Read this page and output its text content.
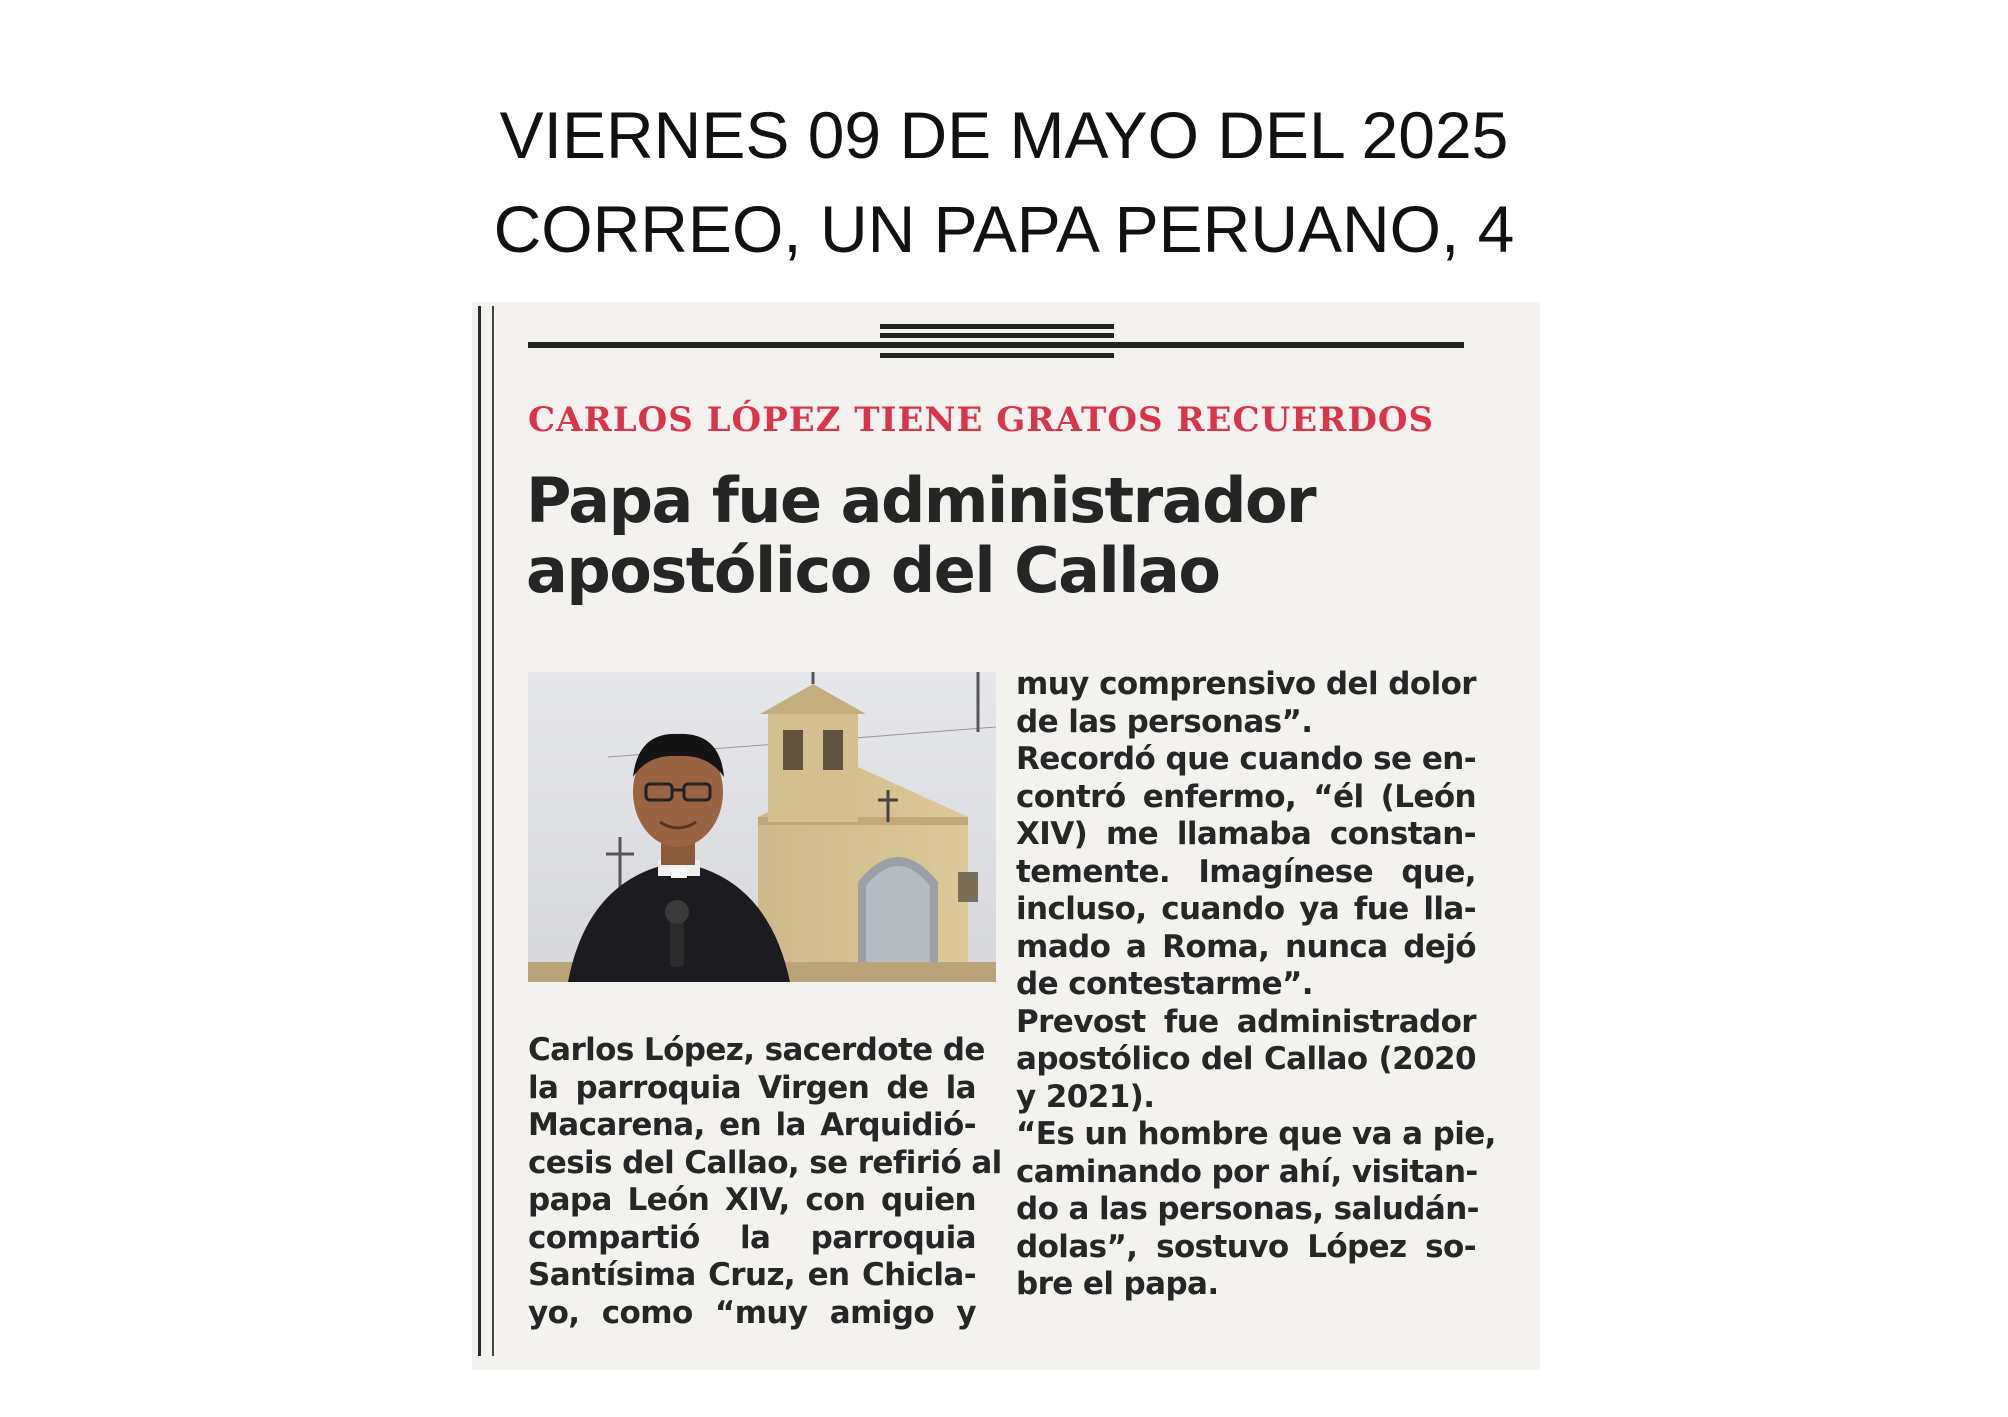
VIERNES 09 DE MAYO DEL 2025
CORREO, UN PAPA PERUANO, 4
CARLOS LÓPEZ TIENE GRATOS RECUERDOS
Papa fue administrador
apostólico del Callao
Carlos López, sacerdote de
la parroquia Virgen de la
Macarena, en la Arquidió-
cesis del Callao, se refirió al
papa León XIV, con quien
compartió la parroquia
Santísima Cruz, en Chicla-
yo, como “muy amigo y
muy comprensivo del dolor
de las personas”.
Recordó que cuando se en-
contró enfermo, “él (León
XIV) me llamaba constan-
temente. Imagínese que,
incluso, cuando ya fue lla-
mado a Roma, nunca dejó
de contestarme”.
Prevost fue administrador
apostólico del Callao (2020
y 2021).
“Es un hombre que va a pie,
caminando por ahí, visitan-
do a las personas, saludán-
dolas”, sostuvo López so-
bre el papa.
